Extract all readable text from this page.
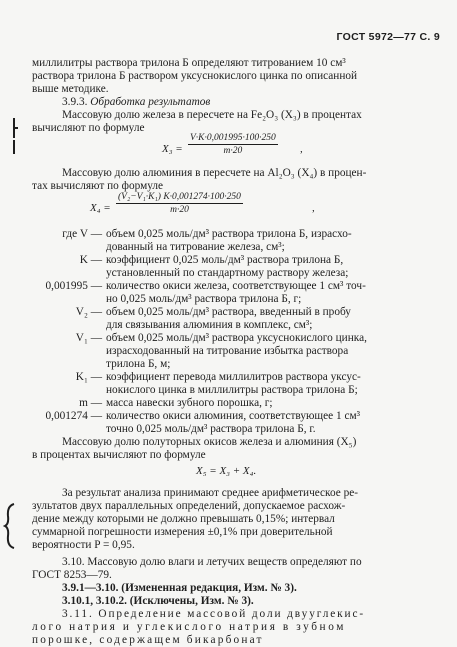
ГОСТ 5972—77 С. 9
миллилитры раствора трилона Б определяют титрованием 10 см³
раствора трилона Б раствором уксуснокислого цинка по описанной
выше методике.
3.9.3. Обработка результатов
Массовую долю железа в пересчете на Fe₂O₃ (X₃) в процентах
вычисляют по формуле
$X_3 = \frac{V\cdot K\cdot 0,001995\cdot 100\cdot 250}{m\cdot 20}$ ,
Массовую долю алюминия в пересчете на Al₂O₃ (X₄) в процен-
тах вычисляют по формуле
$X_4 = \frac{\text{(V₂−V₁·K₁) K·0,001274·100·250}}{m\cdot 20}$	,
где V — объем 0,025 моль/дм³ раствора трилона Б, израсхо-
дованный на титрование железа, см³;
K — коэффициент 0,025 моль/дм³ раствора трилона Б,
установленный по стандартному раствору железа;
0,001995 — количество окиси железа, соответствующее 1 см³ точ-
но 0,025 моль/дм³ раствора трилона Б, г;
V₂ — объем 0,025 моль/дм³ раствора, введенный в пробу
для связывания алюминия в комплекс, см³;
V₁ — объем 0,025 моль/дм³ раствора уксуснокислого цинка,
израсходованный на титрование избытка раствора
трилона Б, м;
K₁ — коэффициент перевода миллилитров раствора уксус-
нокислого цинка в миллилитры раствора трилона Б;
m — масса навески зубного порошка, г;
0,001274 — количество окиси алюминия, соответствующее 1 см³
точно 0,025 моль/дм³ раствора трилона Б, г.
Массовую долю полуторных окисов железа и алюминия (X₅)
в процентах вычисляют по формуле
X₅ = X₃ + X₄.
За результат анализа принимают среднее арифметическое ре-
зультатов двух параллельных определений, допускаемое расхож-
дение между которыми не должно превышать 0,15%; интервал
суммарной погрешности измерения ±0,1% при доверительной
вероятности P = 0,95.
3.10. Массовую долю влаги и летучих веществ определяют по
ГОСТ 8253—79.
3.9.1—3.10. (Измененная редакция, Изм. № 3).
3.10.1, 3.10.2. (Исключены, Изм. № 3).
3.11. Определение массовой доли двууглекис-
лого натрия и углекислого натрия в зубном
порошке, содержащем бикарбонат
